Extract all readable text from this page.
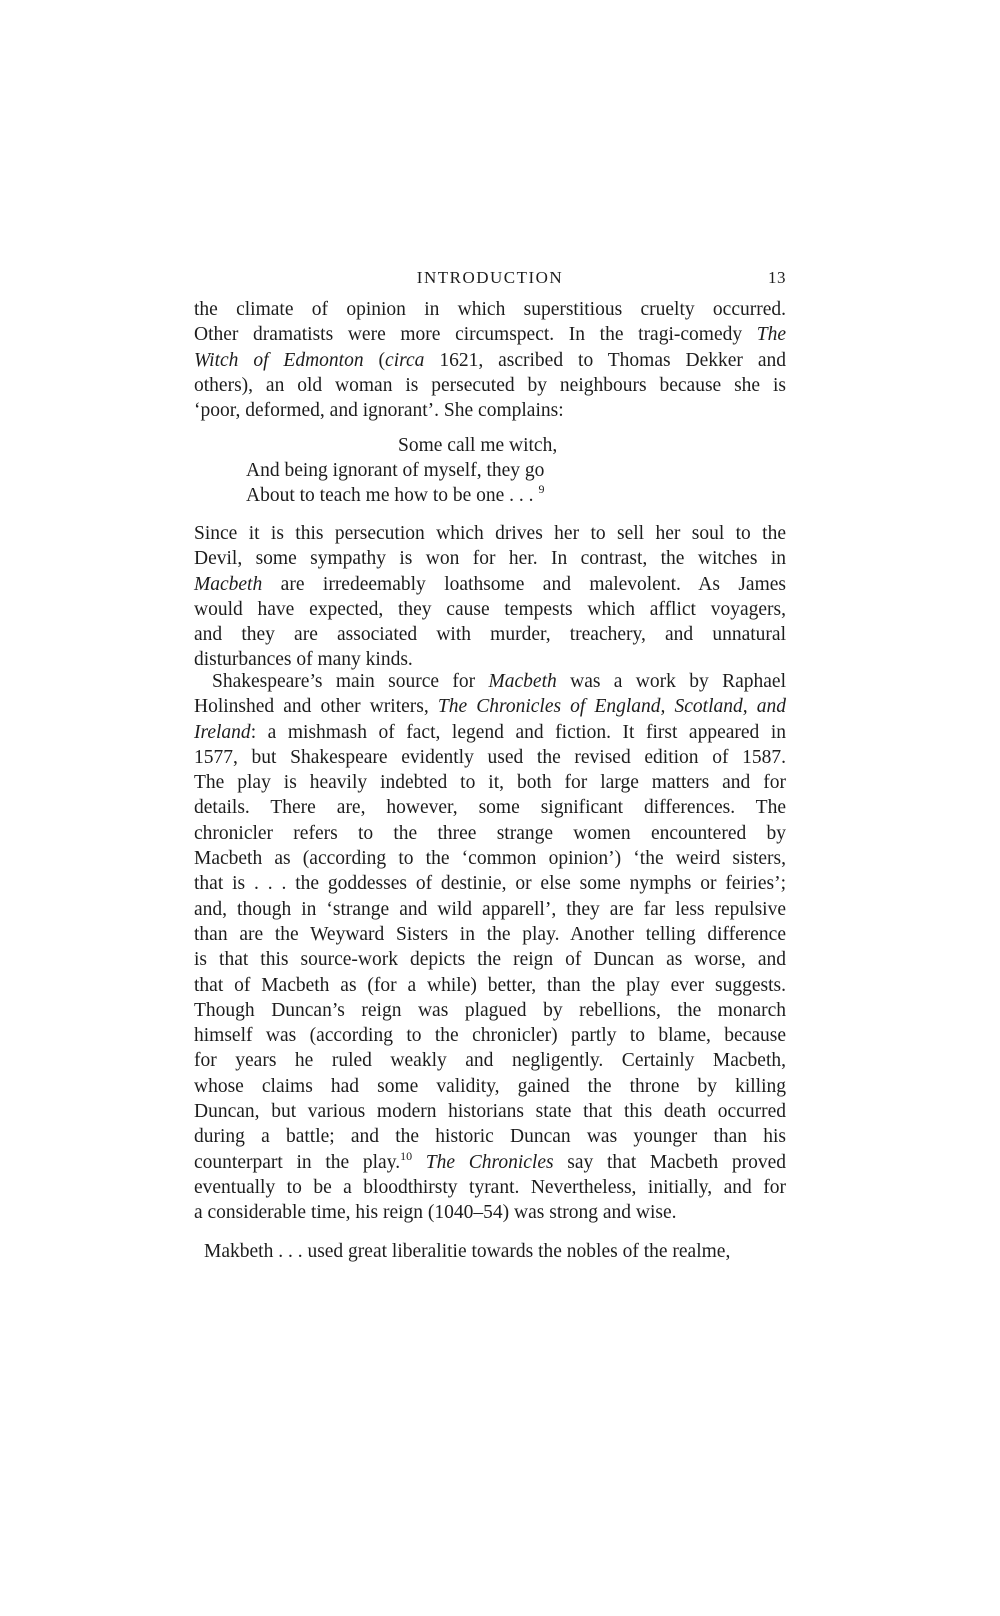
INTRODUCTION	13
the climate of opinion in which superstitious cruelty occurred.
Other dramatists were more circumspect. In the tragi-comedy The
Witch of Edmonton (circa 1621, ascribed to Thomas Dekker and
others), an old woman is persecuted by neighbours because she is
‘poor, deformed, and ignorant’. She complains:
Some call me witch,
And being ignorant of myself, they go
About to teach me how to be one . . . $^9$
Since it is this persecution which drives her to sell her soul to the
Devil, some sympathy is won for her. In contrast, the witches in
Macbeth are irredeemably loathsome and malevolent. As James
would have expected, they cause tempests which afflict voyagers,
and they are associated with murder, treachery, and unnatural
disturbances of many kinds.
Shakespeare’s main source for Macbeth was a work by Raphael
Holinshed and other writers, The Chronicles of England, Scotland, and
Ireland: a mishmash of fact, legend and fiction. It first appeared in
1577, but Shakespeare evidently used the revised edition of 1587.
The play is heavily indebted to it, both for large matters and for
details. There are, however, some significant differences. The
chronicler refers to the three strange women encountered by
Macbeth as (according to the ‘common opinion’) ‘the weird sisters,
that is . . . the goddesses of destinie, or else some nymphs or feiries’;
and, though in ‘strange and wild apparell’, they are far less repulsive
than are the Weyward Sisters in the play. Another telling difference
is that this source-work depicts the reign of Duncan as worse, and
that of Macbeth as (for a while) better, than the play ever suggests.
Though Duncan’s reign was plagued by rebellions, the monarch
himself was (according to the chronicler) partly to blame, because
for years he ruled weakly and negligently. Certainly Macbeth,
whose claims had some validity, gained the throne by killing
Duncan, but various modern historians state that this death occurred
during a battle; and the historic Duncan was younger than his
counterpart in the play.$^{10}$ The Chronicles say that Macbeth proved
eventually to be a bloodthirsty tyrant. Nevertheless, initially, and for
a considerable time, his reign (1040–54) was strong and wise.
Makbeth . . . used great liberalitie towards the nobles of the realme,
